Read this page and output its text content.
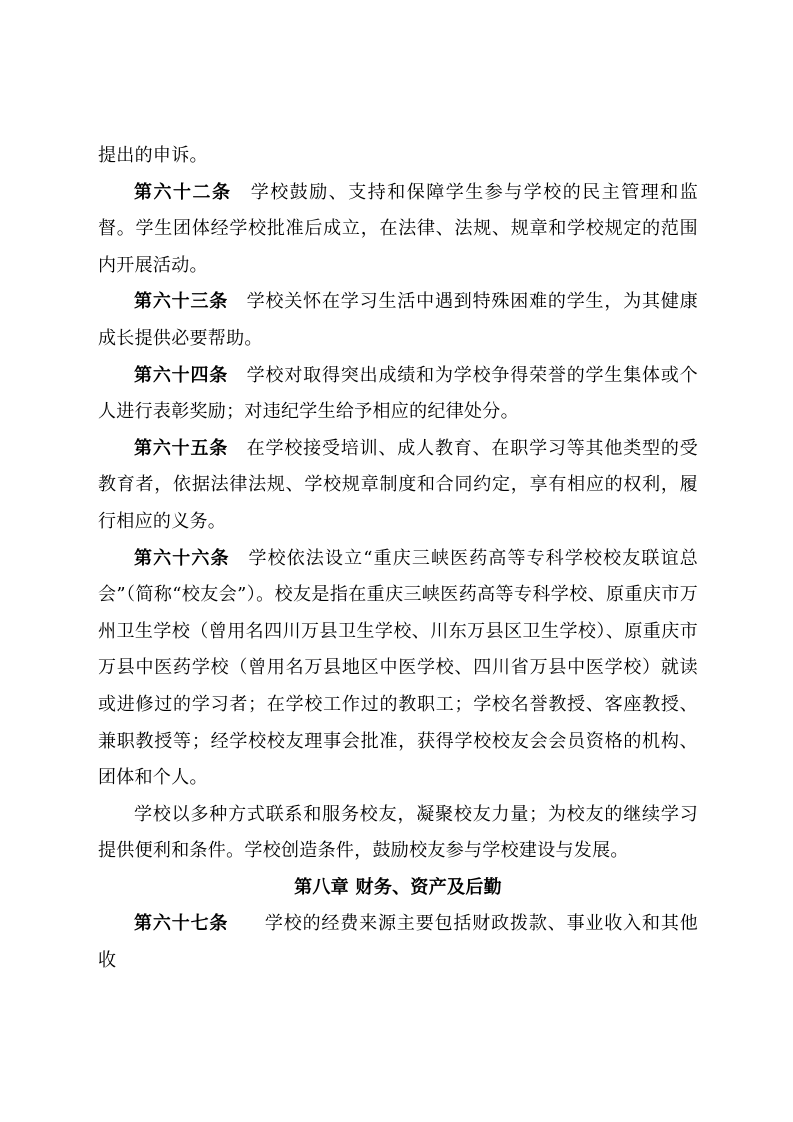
提出的申诉。

第六十二条 学校鼓励、支持和保障学生参与学校的民主管理和监督。学生团体经学校批准后成立，在法律、法规、规章和学校规定的范围内开展活动。

第六十三条 学校关怀在学习生活中遇到特殊困难的学生，为其健康成长提供必要帮助。

第六十四条 学校对取得突出成绩和为学校争得荣誉的学生集体或个人进行表彰奖励；对违纪学生给予相应的纪律处分。

第六十五条 在学校接受培训、成人教育、在职学习等其他类型的受教育者，依据法律法规、学校规章制度和合同约定，享有相应的权利，履行相应的义务。

第六十六条 学校依法设立“重庆三峡医药高等专科学校校友联谊总会”（简称“校友会”）。校友是指在重庆三峡医药高等专科学校、原重庆市万州卫生学校（曾用名四川万县卫生学校、川东万县区卫生学校）、原重庆市万县中医药学校（曾用名万县地区中医学校、四川省万县中医学校）就读或进修过的学习者；在学校工作过的教职工；学校名誉教授、客座教授、兼职教授等；经学校校友理事会批准，获得学校校友会会员资格的机构、团体和个人。

学校以多种方式联系和服务校友，凝聚校友力量；为校友的继续学习提供便利和条件。学校创造条件，鼓励校友参与学校建设与发展。

第八章 财务、资产及后勤

第六十七条 学校的经费来源主要包括财政拨款、事业收入和其他收
